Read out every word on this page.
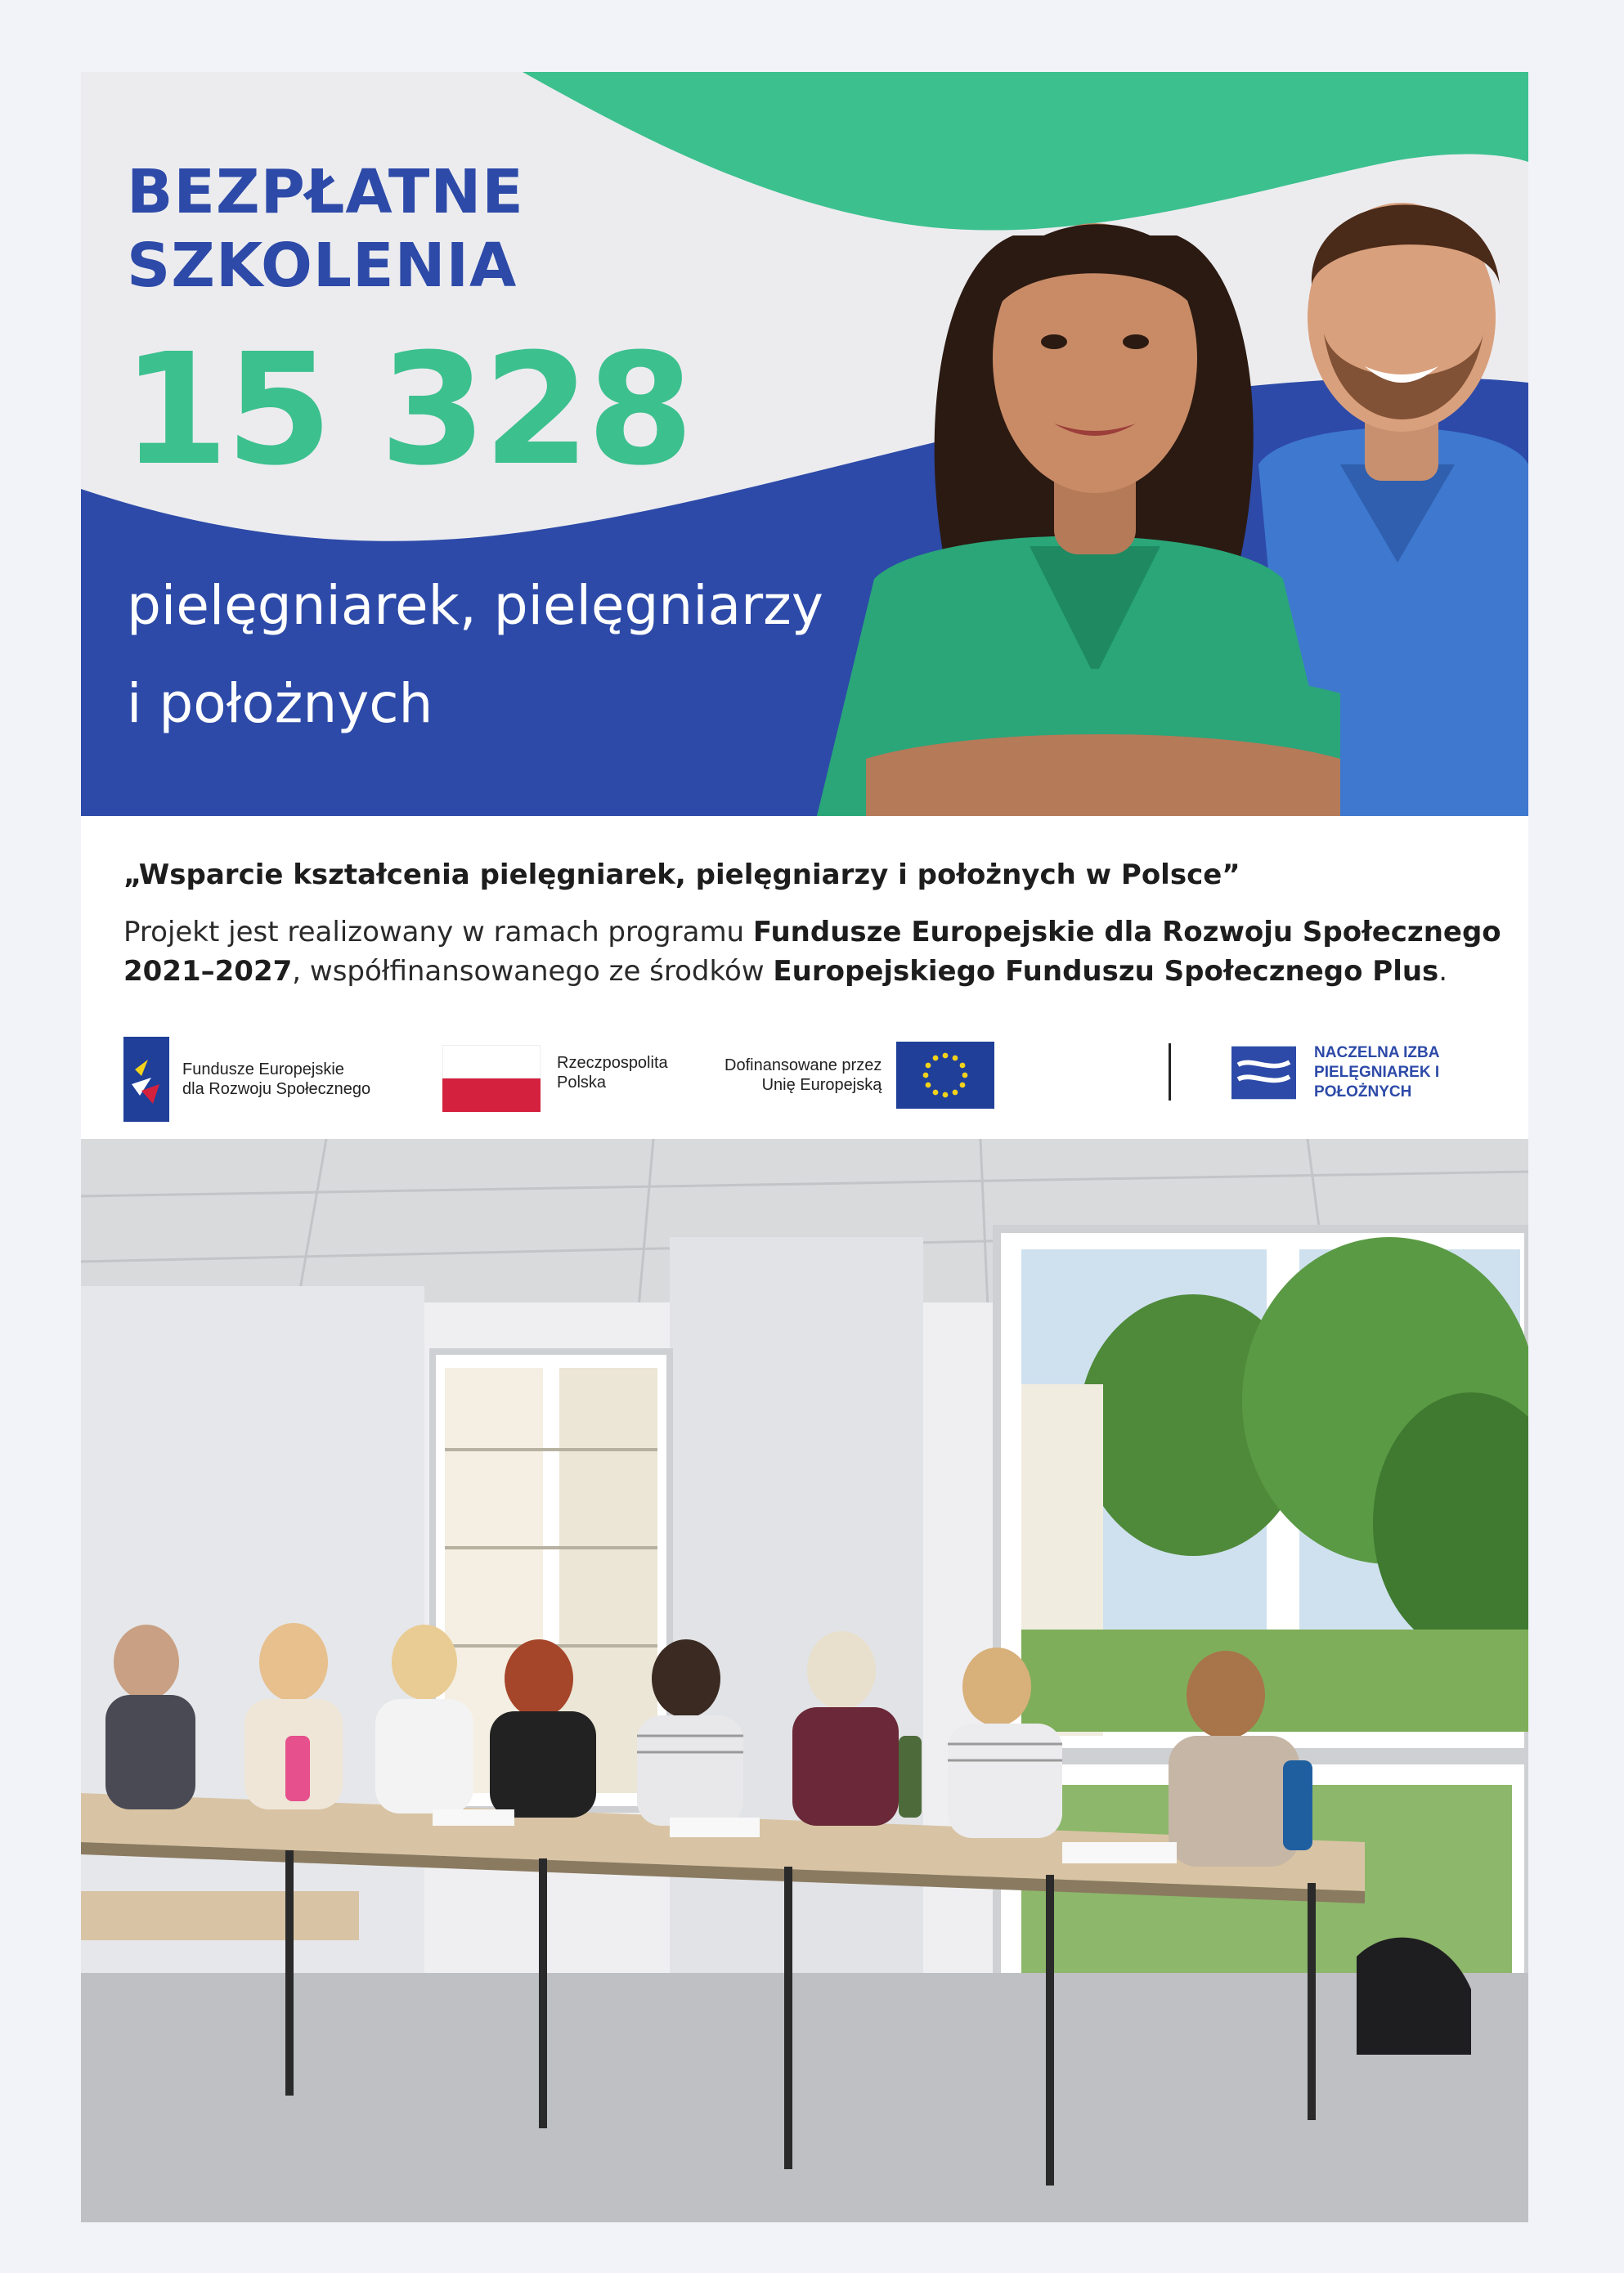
BEZPŁATNE
SZKOLENIA
15 328
pielęgniarek, pielęgniarzy
i położnych
„Wsparcie kształcenia pielęgniarek, pielęgniarzy i położnych w Polsce”
Projekt jest realizowany w ramach programu Fundusze Europejskie dla Rozwoju Społecznego 2021–2027, współfinansowanego ze środków Europejskiego Funduszu Społecznego Plus.
Fundusze Europejskie
dla Rozwoju Społecznego
Rzeczpospolita
Polska
Dofinansowane przez
Unię Europejską
NACZELNA IZBA
PIELĘGNIAREK I POŁOŻNYCH
